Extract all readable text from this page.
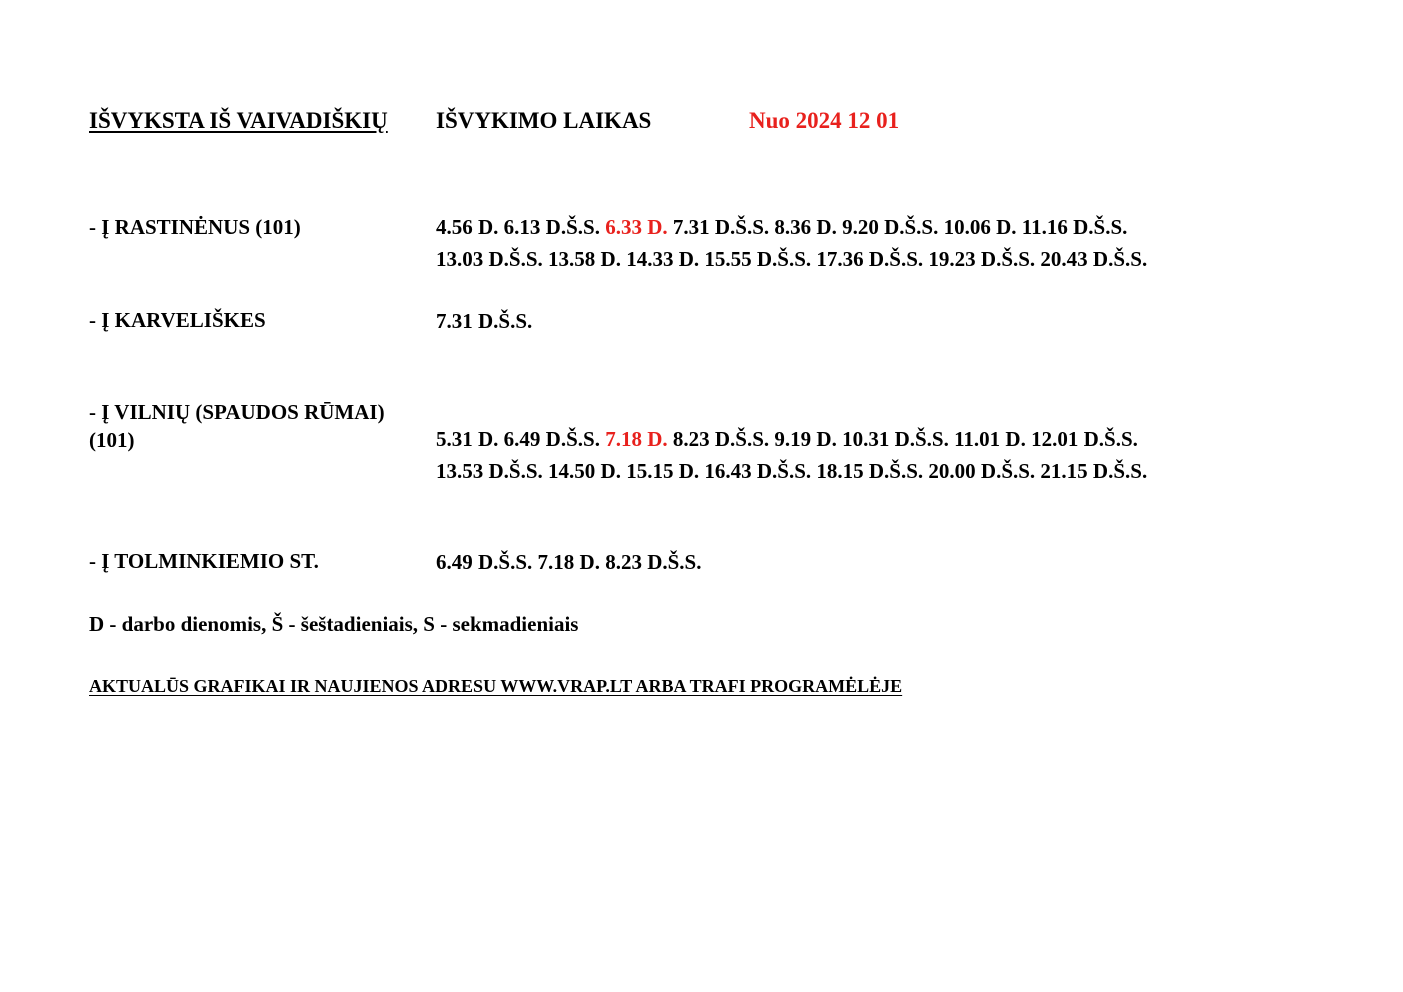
IŠVYKSTA IŠ VAIVADIŠKIŲ IŠVYKIMO LAIKAS	Nuo 2024 12 01
- Į RASTINĖNUS (101)	4.56 D. 6.13 D.Š.S. 6.33 D. 7.31 D.Š.S. 8.36 D. 9.20 D.Š.S. 10.06 D. 11.16 D.Š.S.
13.03 D.Š.S. 13.58 D. 14.33 D. 15.55 D.Š.S. 17.36 D.Š.S. 19.23 D.Š.S. 20.43 D.Š.S.
- Į KARVELIŠKES	7.31 D.Š.S.
- Į VILNIŲ (SPAUDOS RŪMAI)
(101)	5.31 D. 6.49 D.Š.S. 7.18 D. 8.23 D.Š.S. 9.19 D. 10.31 D.Š.S. 11.01 D. 12.01 D.Š.S.
13.53 D.Š.S. 14.50 D. 15.15 D. 16.43 D.Š.S. 18.15 D.Š.S. 20.00 D.Š.S. 21.15 D.Š.S.
- Į TOLMINKIEMIO ST.	6.49 D.Š.S. 7.18 D. 8.23 D.Š.S.
D - darbo dienomis, Š - šeštadieniais, S - sekmadieniais
AKTUALŪS GRAFIKAI IR NAUJIENOS ADRESU WWW.VRAP.LT ARBA TRAFI PROGRAMĖLĖJE
